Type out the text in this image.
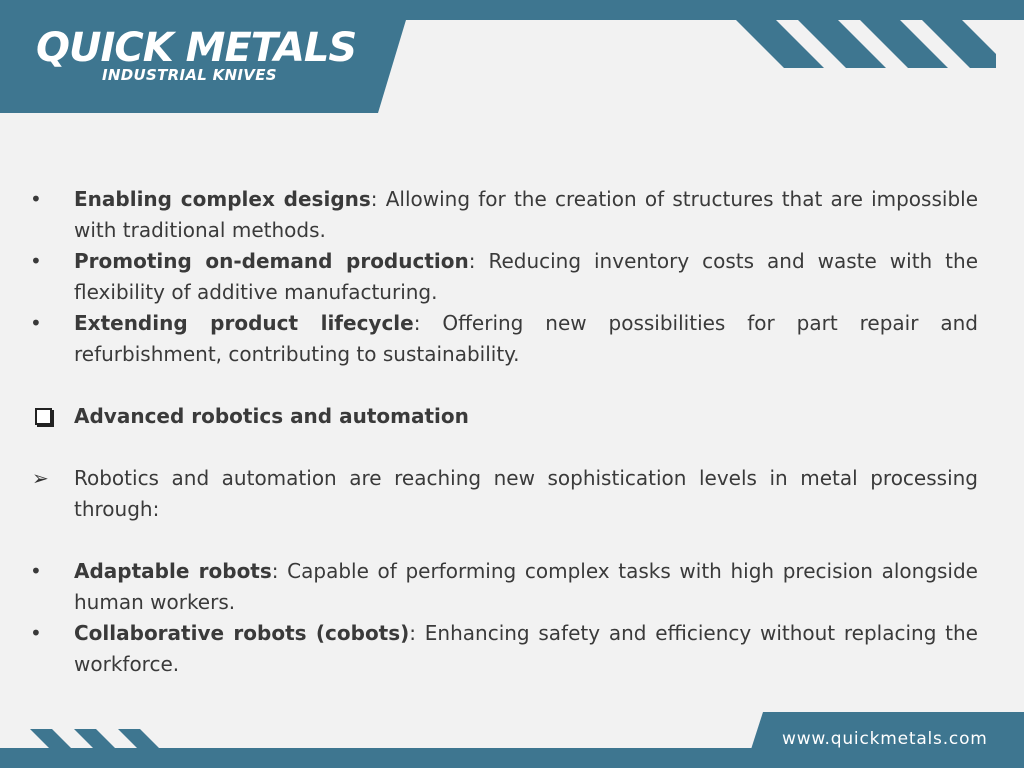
QUICK METALS
INDUSTRIAL KNIVES
•	Enabling complex designs: Allowing for the creation of structures that are impossible with traditional methods.
•	Promoting on-demand production: Reducing inventory costs and waste with the flexibility of additive manufacturing.
•	Extending product lifecycle: Offering new possibilities for part repair and refurbishment, contributing to sustainability.
Advanced robotics and automation
➢ Robotics and automation are reaching new sophistication levels in metal processing through:
•	Adaptable robots: Capable of performing complex tasks with high precision alongside human workers.
•	Collaborative robots (cobots): Enhancing safety and efficiency without replacing the workforce.
www.quickmetals.com
